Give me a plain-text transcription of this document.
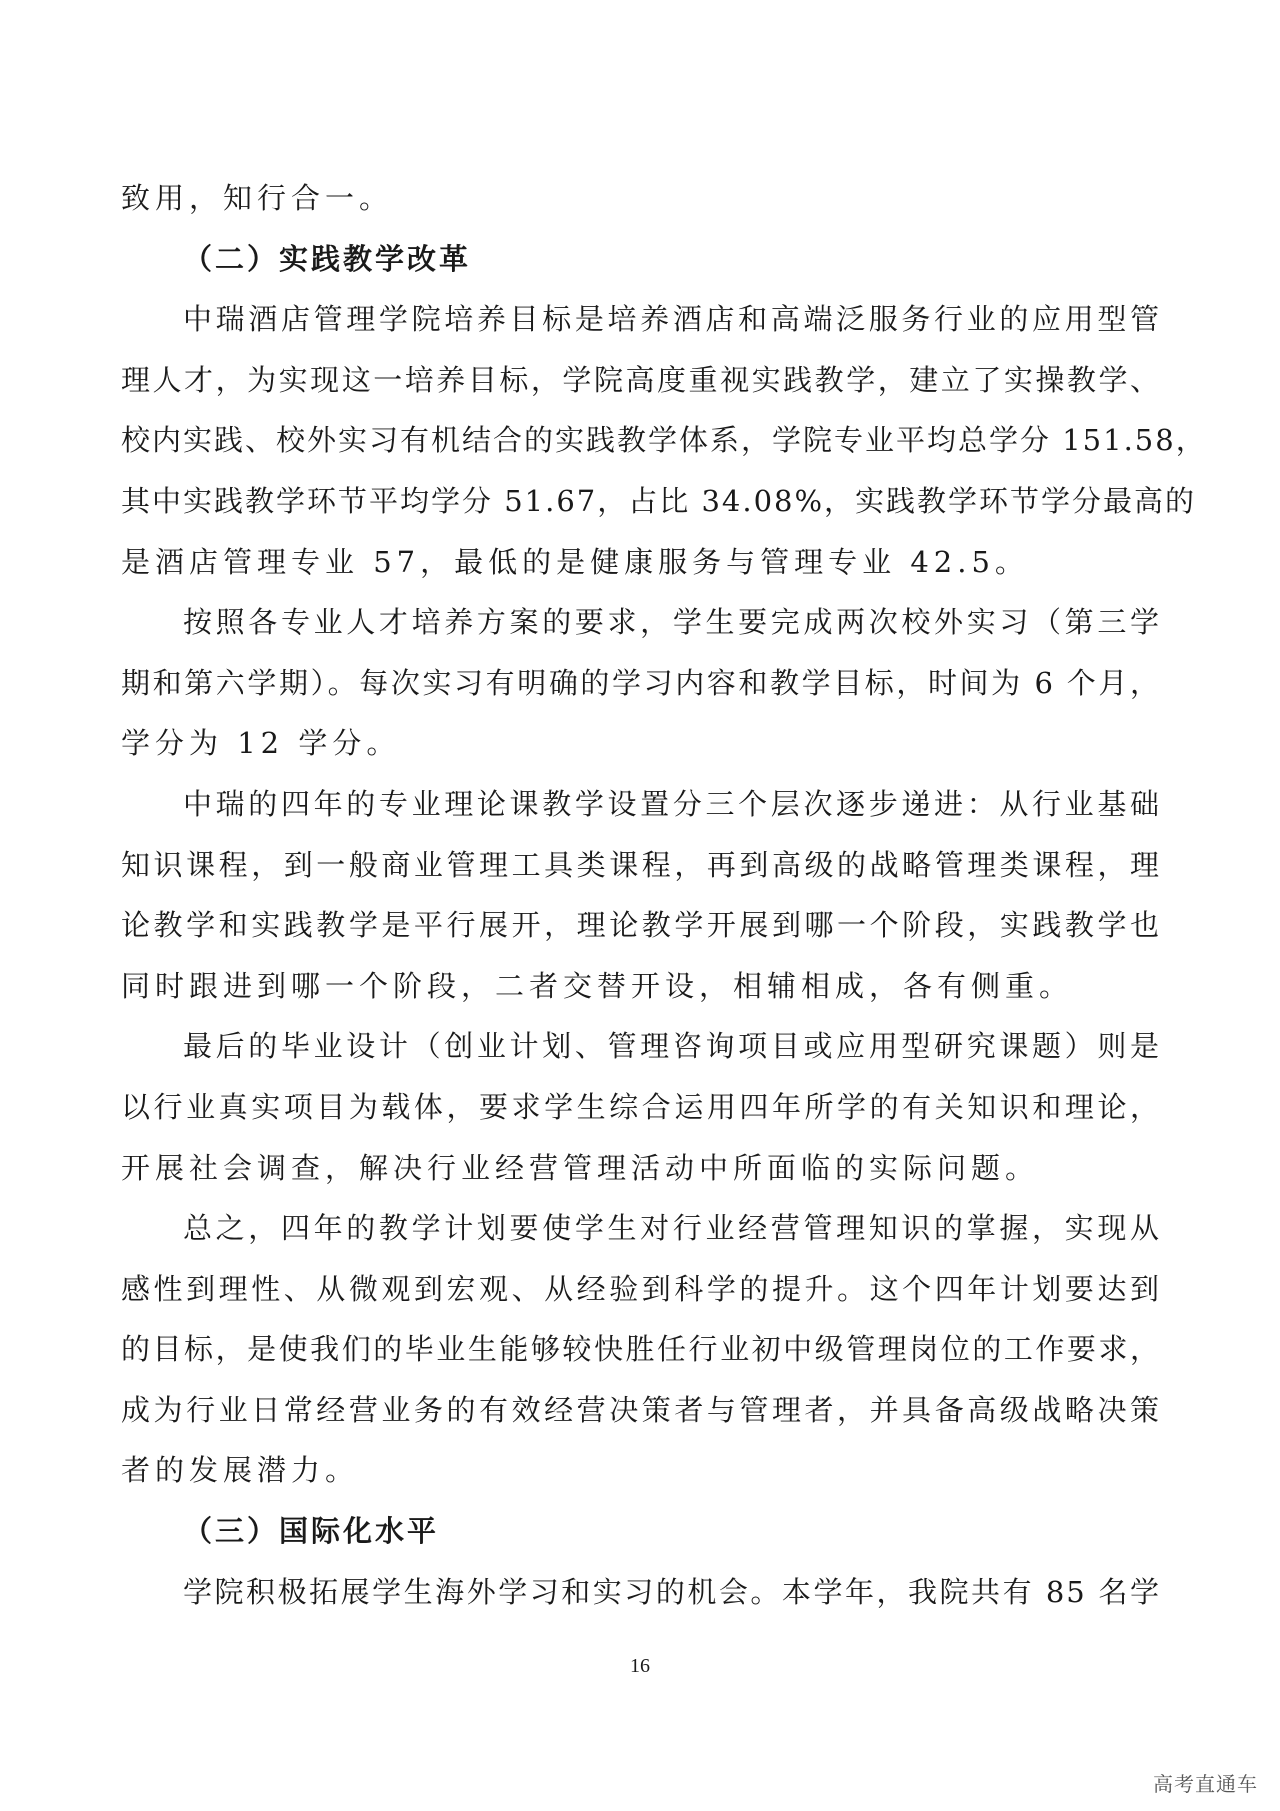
致用，知行合一。
（二）实践教学改革
中瑞酒店管理学院培养目标是培养酒店和高端泛服务行业的应用型管
理人才，为实现这一培养目标，学院高度重视实践教学，建立了实操教学、
校内实践、校外实习有机结合的实践教学体系，学院专业平均总学分 151.58，
其中实践教学环节平均学分 51.67，占比 34.08%，实践教学环节学分最高的
是酒店管理专业 57，最低的是健康服务与管理专业 42.5。
按照各专业人才培养方案的要求，学生要完成两次校外实习（第三学
期和第六学期）。每次实习有明确的学习内容和教学目标，时间为 6 个月，
学分为 12 学分。
中瑞的四年的专业理论课教学设置分三个层次逐步递进：从行业基础
知识课程，到一般商业管理工具类课程，再到高级的战略管理类课程，理
论教学和实践教学是平行展开，理论教学开展到哪一个阶段，实践教学也
同时跟进到哪一个阶段，二者交替开设，相辅相成，各有侧重。
最后的毕业设计（创业计划、管理咨询项目或应用型研究课题）则是
以行业真实项目为载体，要求学生综合运用四年所学的有关知识和理论，
开展社会调查，解决行业经营管理活动中所面临的实际问题。
总之，四年的教学计划要使学生对行业经营管理知识的掌握，实现从
感性到理性、从微观到宏观、从经验到科学的提升。这个四年计划要达到
的目标，是使我们的毕业生能够较快胜任行业初中级管理岗位的工作要求，
成为行业日常经营业务的有效经营决策者与管理者，并具备高级战略决策
者的发展潜力。
（三）国际化水平
学院积极拓展学生海外学习和实习的机会。本学年，我院共有 85 名学
16
高考直通车
